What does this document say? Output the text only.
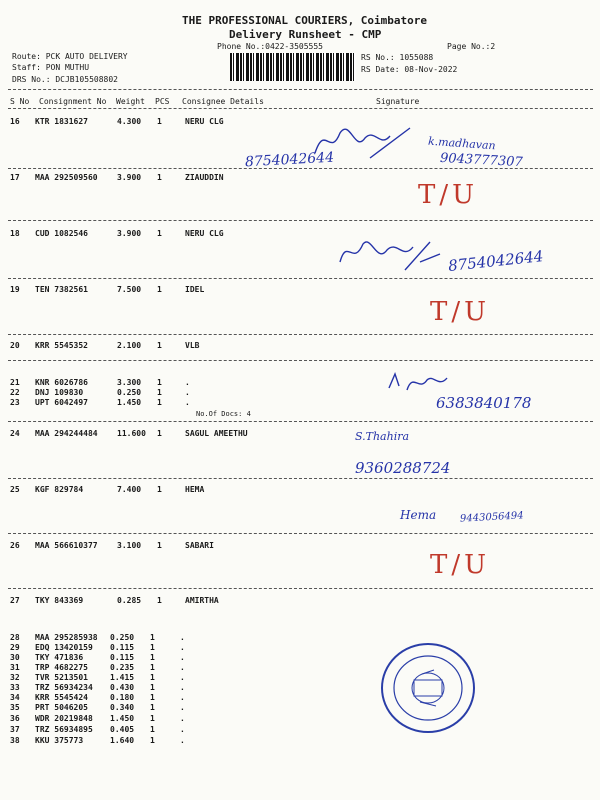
THE PROFESSIONAL COURIERS, Coimbatore
Delivery Runsheet - CMP
Phone No.:0422-3505555	Page No.:2
Route: PCK AUTO DELIVERY
Staff: PON MUTHU
DRS No.: DCJB105508802
RS No.: 1055088
RS Date: 08-Nov-2022
S No Consignment No Weight PCS Consignee Details	Signature
16 KTR 1831627	4.300 1	NERU CLG
8754042644
k.madhavan
9043777307
17 MAA 292509560 3.900 1	ZIAUDDIN
T/U
18 CUD 1082546	3.900 1	NERU CLG
8754042644
19 TEN 7382561	7.500 1	IDEL
T/U
20 KRR 5545352	2.100 1	VLB
21 KNR 6026786	3.300 1	.
22 DNJ 109830	0.250 1	.
23 UPT 6042497	1.450 1	.
No.Of Docs: 4
6383840178
24 MAA 294244484 11.600 1	SAGUL AMEETHU	S.Thahira
9360288724
25 KGF 829784	7.400 1	HEMA
Hema 9443056494
26 MAA 566610377 3.100 1	SABARI
T/U
27 TKY 843369	0.285 1	AMIRTHA
28 MAA 295285938 0.250 1	.
29 EDQ 13420159 0.115 1	.
30 TKY 471836	0.115 1	.
31 TRP 4682275	0.235 1	.
32 TVR 5213501	1.415 1	.
33 TRZ 56934234 0.430 1	.
34 KRR 5545424	0.180 1	.
35 PRT 5046205	0.340 1	.
36 WDR 20219848 1.450 1	.
37 TRZ 56934895 0.405 1	.
38 KKU 375773	1.640 1	.
